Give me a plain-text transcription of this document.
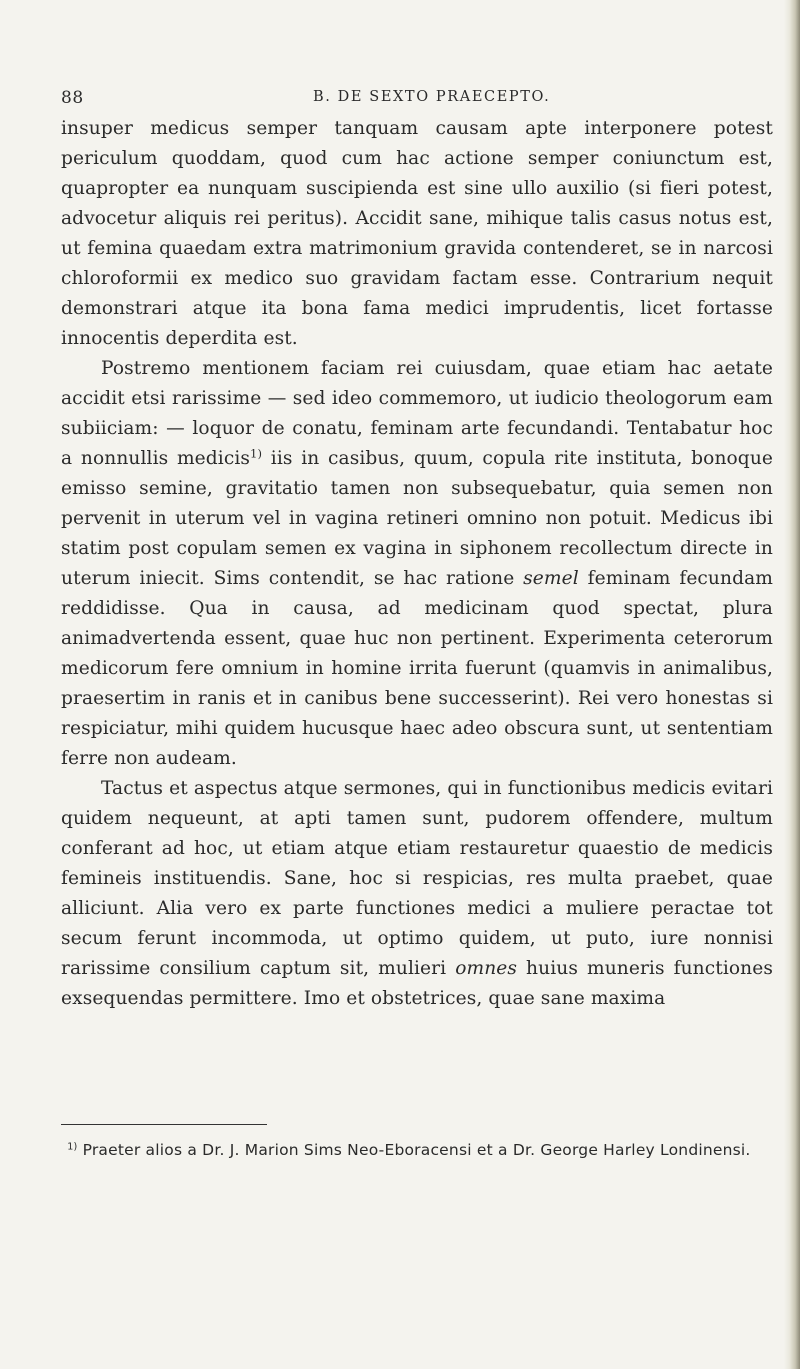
88	B. DE SEXTO PRAECEPTO.

insuper medicus semper tanquam causam apte interponere potest periculum quoddam, quod cum hac actione semper coniunctum est, quapropter ea nunquam suscipienda est sine ullo auxilio (si fieri potest, advocetur aliquis rei peritus). Accidit sane, mihique talis casus notus est, ut femina quaedam extra matrimonium gravida contenderet, se in narcosi chloroformii ex medico suo gravidam factam esse. Contrarium nequit demonstrari atque ita bona fama medici imprudentis, licet fortasse innocentis deperdita est.

Postremo mentionem faciam rei cuiusdam, quae etiam hac aetate accidit etsi rarissime — sed ideo commemoro, ut iudicio theologorum eam subiiciam: — loquor de conatu, feminam arte fecundandi. Tentabatur hoc a nonnullis medicis$^{1)}$ iis in casibus, quum, copula rite instituta, bonoque emisso semine, gravitatio tamen non subsequebatur, quia semen non pervenit in uterum vel in vagina retineri omnino non potuit. Medicus ibi statim post copulam semen ex vagina in siphonem recollectum directe in uterum iniecit. Sims contendit, se hac ratione semel feminam fecundam reddidisse. Qua in causa, ad medicinam quod spectat, plura animadvertenda essent, quae huc non pertinent. Experimenta ceterorum medicorum fere omnium in homine irrita fuerunt (quamvis in animalibus, praesertim in ranis et in canibus bene successerint). Rei vero honestas si respiciatur, mihi quidem hucusque haec adeo obscura sunt, ut sententiam ferre non audeam.

Tactus et aspectus atque sermones, qui in functionibus medicis evitari quidem nequeunt, at apti tamen sunt, pudorem offendere, multum conferant ad hoc, ut etiam atque etiam restauretur quaestio de medicis femineis instituendis. Sane, hoc si respicias, res multa praebet, quae alliciunt. Alia vero ex parte functiones medici a muliere peractae tot secum ferunt incommoda, ut optimo quidem, ut puto, iure nonnisi rarissime consilium captum sit, mulieri omnes huius muneris functiones exsequendas permittere. Imo et obstetrices, quae sane maxima

$^{1)}$ Praeter alios a Dr. J. Marion Sims Neo-Eboracensi et a Dr. George Harley Londinensi.
